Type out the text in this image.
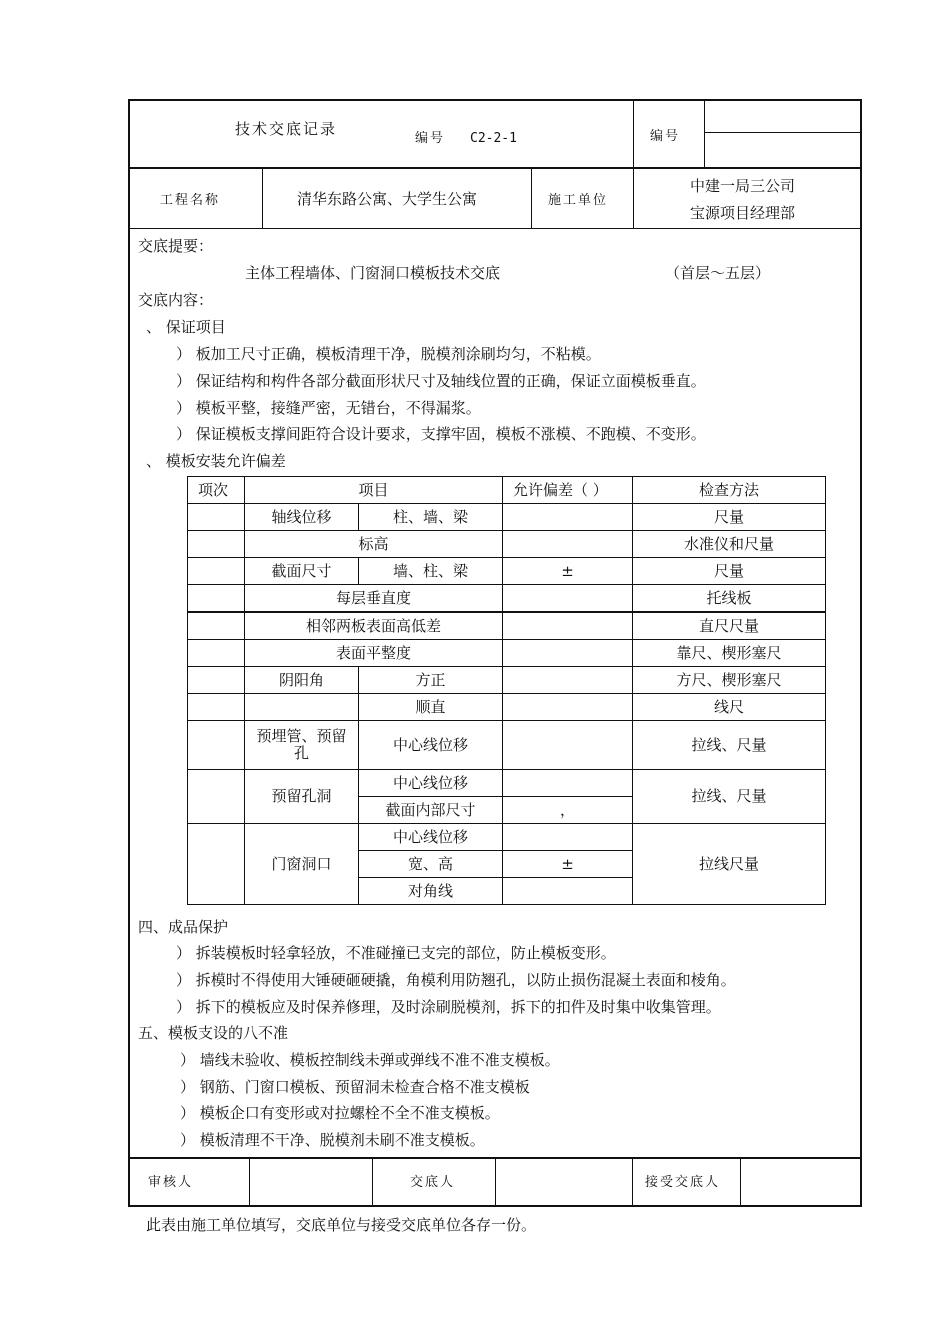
技术交底记录
编号 C2-2-1	编号
工程名称	清华东路公寓、大学生公寓	施工单位
中建一局三公司
宝源项目经理部
交底提要：
主体工程墙体、门窗洞口模板技术交底	（首层～五层）
交底内容：
、 保证项目
） 板加工尺寸正确，模板清理干净，脱模剂涂刷均匀，不粘模。
） 保证结构和构件各部分截面形状尺寸及轴线位置的正确，保证立面模板垂直。
） 模板平整，接缝严密，无错台，不得漏浆。
） 保证模板支撑间距符合设计要求，支撑牢固，模板不涨模、不跑模、不变形。
、 模板安装允许偏差
项次	项目		允许偏差（ ）	检查方法
	轴线位移	柱、墙、梁		尺量
	标高			水准仪和尺量
	截面尺寸	墙、柱、梁	±	尺量
	每层垂直度			托线板
	相邻两板表面高低差			直尺尺量
	表面平整度			靠尺、楔形塞尺
	阴阳角	方正		方尺、楔形塞尺
		顺直		线尺
	预埋管、预留孔	中心线位移		拉线、尺量
	预留孔洞	中心线位移		拉线、尺量
		截面内部尺寸	，	
	门窗洞口	中心线位移		拉线尺量
		宽、高	±	
		对角线		
四、成品保护
） 拆装模板时轻拿轻放，不准碰撞已支完的部位，防止模板变形。
） 拆模时不得使用大锤硬砸硬撬，角模利用防翘孔，以防止损伤混凝土表面和棱角。
） 拆下的模板应及时保养修理，及时涂刷脱模剂，拆下的扣件及时集中收集管理。
五、模板支设的八不准
） 墙线未验收、模板控制线未弹或弹线不准不准支模板。
） 钢筋、门窗口模板、预留洞未检查合格不准支模板
） 模板企口有变形或对拉螺栓不全不准支模板。
） 模板清理不干净、脱模剂未刷不准支模板。
审核人	交底人	接受交底人
此表由施工单位填写，交底单位与接受交底单位各存一份。
